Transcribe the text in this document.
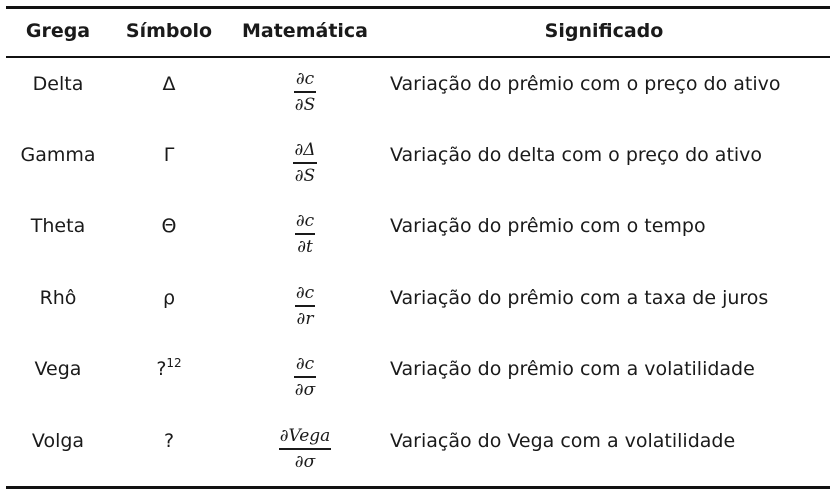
Grega	Símbolo	Matemática	Significado
Delta	Δ	$\frac{\partial c}{\partial S}$	Variação do prêmio com o preço do ativo
Gamma	Γ	$\frac{\partial\Delta}{\partial S}$	Variação do delta com o preço do ativo
Theta	Θ	$\frac{\partial c}{\partial t}$	Variação do prêmio com o tempo
Rhô	ρ	$\frac{\partial c}{\partial r}$	Variação do prêmio com a taxa de juros
Vega	?$^{12}$	$\frac{\partial c}{\partial\sigma}$	Variação do prêmio com a volatilidade
Volga	?	$\frac{\text{∂Vega}}{\partial\sigma}$	Variação do Vega com a volatilidade
